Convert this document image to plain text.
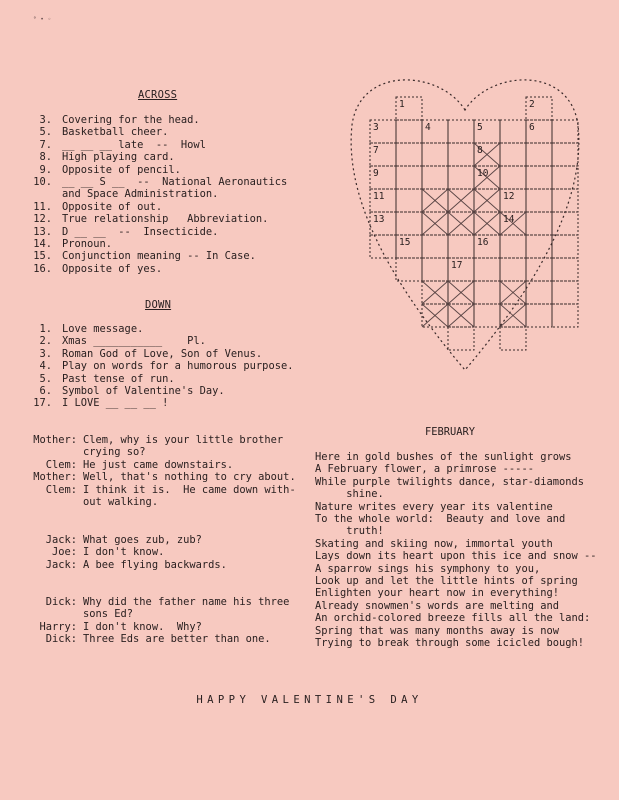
° • ◦
ACROSS
3. Covering for the head.
5. Basketball cheer.
7. __ __ __ late  --  Howl
8. High playing card.
9. Opposite of pencil.
10. __ __ S __  --  National Aeronautics
and Space Administration.
11. Opposite of out.
12. True relationship   Abbreviation.
13. D __ __  --  Insecticide.
14. Pronoun.
15. Conjunction meaning -- In Case.
16. Opposite of yes.
DOWN
1. Love message.
2. Xmas ___________    Pl.
3. Roman God of Love, Son of Venus.
4. Play on words for a humorous purpose.
5. Past tense of run.
6. Symbol of Valentine's Day.
17. I LOVE __ __ __ !
Mother: Clem, why is your little brother
crying so?
Clem: He just came downstairs.
Mother: Well, that's nothing to cry about.
Clem: I think it is.  He came down with-
out walking.
Jack: What goes zub, zub?
Joe: I don't know.
Jack: A bee flying backwards.
Dick: Why did the father name his three
sons Ed?
Harry: I don't know.  Why?
Dick: Three Eds are better than one.
FEBRUARY
Here in gold bushes of the sunlight grows
A February flower, a primrose -----
While purple twilights dance, star-diamonds
shine.
Nature writes every year its valentine
To the whole world:  Beauty and love and
truth!
Skating and skiing now, immortal youth
Lays down its heart upon this ice and snow --
A sparrow sings his symphony to you,
Look up and let the little hints of spring
Enlighten your heart now in everything!
Already snowmen's words are melting and
An orchid-colored breeze fills all the land:
Spring that was many months away is now
Trying to break through some icicled bough!
1	2
3	4	5	6
7	8
9	10
11	12
13	14
15	16
17
HAPPY VALENTINE'S DAY
